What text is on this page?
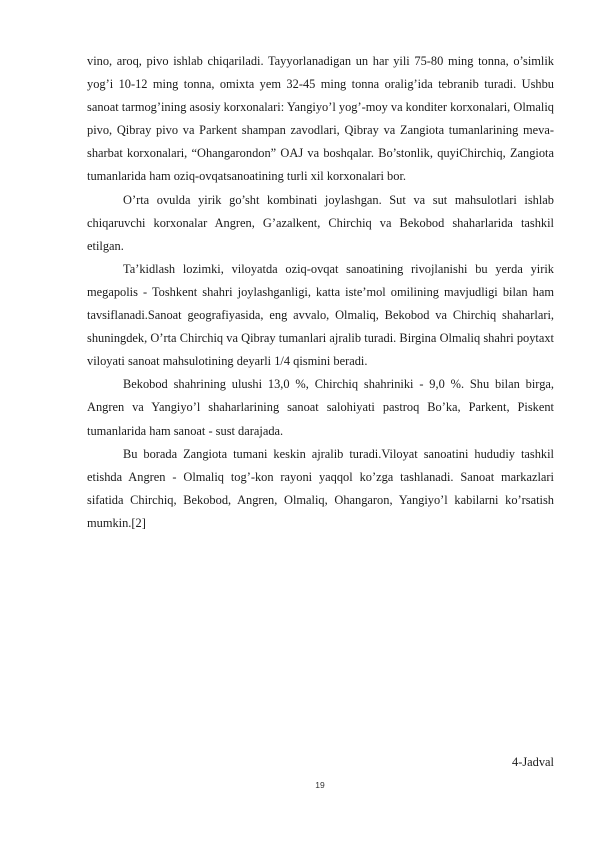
vino, aroq, pivo ishlab chiqariladi. Tayyorlanadigan un har yili 75-80 ming tonna, o’simlik yog’i 10-12 ming tonna, omixta yem 32-45 ming tonna oralig’ida tebranib turadi. Ushbu sanoat tarmog’ining asosiy korxonalari: Yangiyo’l yog’-moy va konditer korxonalari, Olmaliq pivo, Qibray pivo va Parkent shampan zavodlari, Qibray va Zangiota tumanlarining meva-sharbat korxonalari, “Ohangarondon” OAJ va boshqalar. Bo’stonlik, quyiChirchiq, Zangiota tumanlarida ham oziq-ovqatsanoatining turli xil korxonalari bor.

O’rta ovulda yirik go’sht kombinati joylashgan. Sut va sut mahsulotlari ishlab chiqaruvchi korxonalar Angren, G’azalkent, Chirchiq va Bekobod shaharlarida tashkil etilgan.

Ta’kidlash lozimki, viloyatda oziq-ovqat sanoatining rivojlanishi bu yerda yirik megapolis - Toshkent shahri joylashganligi, katta iste’mol omilining mavjudligi bilan ham tavsiflanadi.Sanoat geografiyasida, eng avvalo, Olmaliq, Bekobod va Chirchiq shaharlari, shuningdek, O’rta Chirchiq va Qibray tumanlari ajralib turadi. Birgina Olmaliq shahri poytaxt viloyati sanoat mahsulotining deyarli 1/4 qismini beradi.

Bekobod shahrining ulushi 13,0 %, Chirchiq shahriniki - 9,0 %. Shu bilan birga, Angren va Yangiyo’l shaharlarining sanoat salohiyati pastroq Bo’ka, Parkent, Piskent tumanlarida ham sanoat - sust darajada.

Bu borada Zangiota tumani keskin ajralib turadi.Viloyat sanoatini hududiy tashkil etishda Angren - Olmaliq tog’-kon rayoni yaqqol ko’zga tashlanadi. Sanoat markazlari sifatida Chirchiq, Bekobod, Angren, Olmaliq, Ohangaron, Yangiyo’l kabilarni ko’rsatish mumkin.[2]

4-Jadval
19
